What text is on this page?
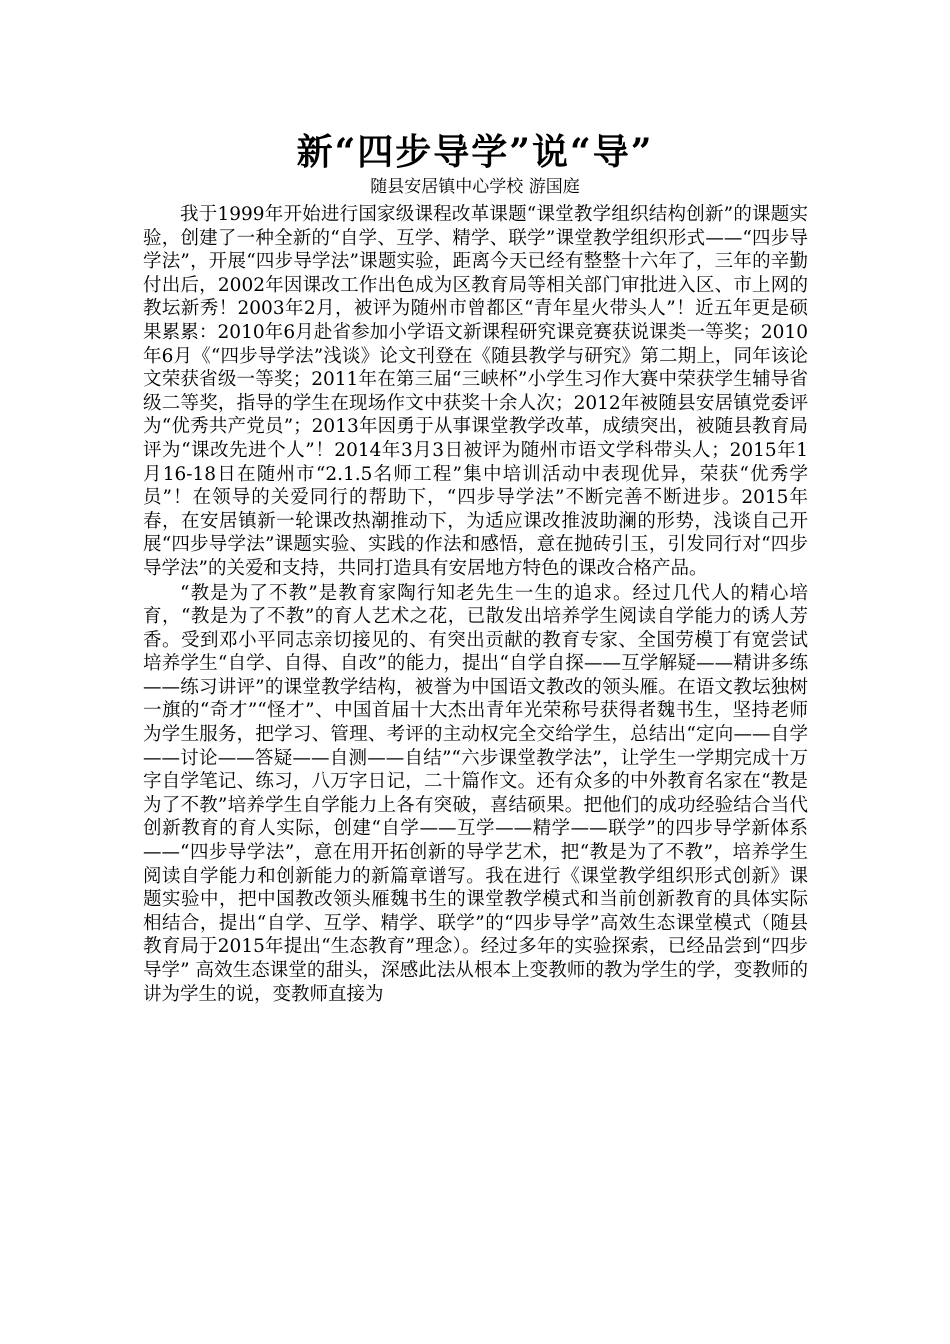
新“四步导学”说“导”
随县安居镇中心学校 游国庭

我于1999年开始进行国家级课程改革课题“课堂教学组织结构创新”的课题实验，创建了一种全新的“自学、互学、精学、联学”课堂教学组织形式——“四步导学法”，开展“四步导学法”课题实验，距离今天已经有整整十六年了，三年的辛勤付出后，2002年因课改工作出色成为区教育局等相关部门审批进入区、市上网的教坛新秀！2003年2月，被评为随州市曾都区“青年星火带头人”！近五年更是硕果累累：2010年6月赴省参加小学语文新课程研究课竞赛获说课类一等奖；2010年6月《“四步导学法”浅谈》论文刊登在《随县教学与研究》第二期上，同年该论文荣获省级一等奖；2011年在第三届“三峡杯”小学生习作大赛中荣获学生辅导省级二等奖，指导的学生在现场作文中获奖十余人次；2012年被随县安居镇党委评为“优秀共产党员”；2013年因勇于从事课堂教学改革，成绩突出，被随县教育局评为“课改先进个人”！2014年3月3日被评为随州市语文学科带头人；2015年1月16-18日在随州市“2.1.5名师工程”集中培训活动中表现优异，荣获“优秀学员”！在领导的关爱同行的帮助下，“四步导学法”不断完善不断进步。2015年春，在安居镇新一轮课改热潮推动下，为适应课改推波助澜的形势，浅谈自己开展“四步导学法”课题实验、实践的作法和感悟，意在抛砖引玉，引发同行对“四步导学法”的关爱和支持，共同打造具有安居地方特色的课改合格产品。

“教是为了不教”是教育家陶行知老先生一生的追求。经过几代人的精心培育，“教是为了不教”的育人艺术之花，已散发出培养学生阅读自学能力的诱人芳香。受到邓小平同志亲切接见的、有突出贡献的教育专家、全国劳模丁有宽尝试培养学生“自学、自得、自改”的能力，提出“自学自探——互学解疑——精讲多练——练习讲评”的课堂教学结构，被誉为中国语文教改的领头雁。在语文教坛独树一旗的“奇才”“怪才”、中国首届十大杰出青年光荣称号获得者魏书生，坚持老师为学生服务，把学习、管理、考评的主动权完全交给学生，总结出“定向——自学——讨论——答疑——自测——自结”“六步课堂教学法”，让学生一学期完成十万字自学笔记、练习，八万字日记，二十篇作文。还有众多的中外教育名家在“教是为了不教”培养学生自学能力上各有突破，喜结硕果。把他们的成功经验结合当代创新教育的育人实际，创建“自学——互学——精学——联学”的四步导学新体系——“四步导学法”，意在用开拓创新的导学艺术，把“教是为了不教”，培养学生阅读自学能力和创新能力的新篇章谱写。我在进行《课堂教学组织形式创新》课题实验中，把中国教改领头雁魏书生的课堂教学模式和当前创新教育的具体实际相结合，提出“自学、互学、精学、联学”的“四步导学”高效生态课堂模式（随县教育局于2015年提出“生态教育”理念）。经过多年的实验探索，已经品尝到“四步导学” 高效生态课堂的甜头，深感此法从根本上变教师的教为学生的学，变教师的讲为学生的说，变教师直接为
